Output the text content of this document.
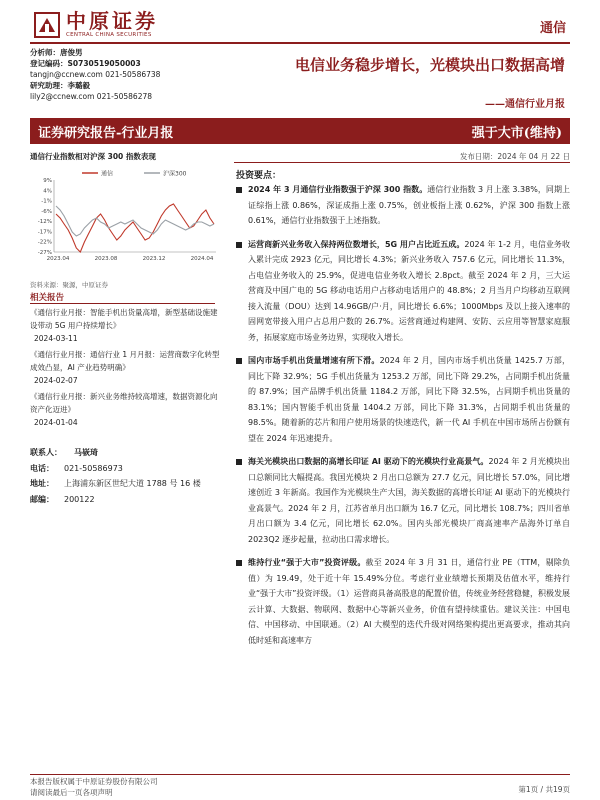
中原证券
CENTRAL CHINA SECURITIES	通信
分析师：唐俊男
登记编码：S0730519050003
tangjn@ccnew.com 021-50586738
研究助理：李璐毅
lily2@ccnew.com 021-50586278
电信业务稳步增长，光模块出口数据高增
——通信行业月报
证券研究报告-行业月报	强于大市(维持)
通信行业指数相对沪深 300 指数表现
通信	沪深300
9%
4%
-1%
-6%
-12%
-17%
-22%
-27%
2023.04	2023.08	2023.12	2024.04
资料来源：聚源，中原证券
相关报告
《通信行业月报：智能手机出货量高增，新型基础设施建设带动 5G 用户持续增长》
2024-03-11
《通信行业月报：通信行业 1 月月报：运营商数字化转型成效凸显，AI 产业趋势明确》
2024-02-07
《通信行业月报：新兴业务维持较高增速，数据资源化向资产化迈进》
2024-01-04
联系人： 马嵚琦
电话： 021-50586973
地址： 上海浦东新区世纪大道 1788 号 16 楼
邮编： 200122
发布日期：2024 年 04 月 22 日
投资要点：
2024 年 3 月通信行业指数强于沪深 300 指数。通信行业指数 3 月上涨 3.38%，同期上证综指上涨 0.86%，深证成指上涨 0.75%，创业板指上涨 0.62%，沪深 300 指数上涨 0.61%，通信行业指数强于上述指数。
运营商新兴业务收入保持两位数增长，5G 用户占比近五成。2024 年 1-2 月，电信业务收入累计完成 2923 亿元，同比增长 4.3%；新兴业务收入 757.6 亿元，同比增长 11.3%，占电信业务收入的 25.9%，促进电信业务收入增长 2.8pct。截至 2024 年 2 月，三大运营商及中国广电的 5G 移动电话用户占移动电话用户的 48.8%；2 月当月户均移动互联网接入流量（DOU）达到 14.96GB/户·月，同比增长 6.6%；1000Mbps 及以上接入速率的固网宽带接入用户占总用户数的 26.7%。运营商通过构建网、安防、云应用等智慧家庭服务，拓展家庭市场业务边界，实现收入增长。
国内市场手机出货量增速有所下滑。2024 年 2 月，国内市场手机出货量 1425.7 万部，同比下降 32.9%；5G 手机出货量为 1253.2 万部，同比下降 29.2%，占同期手机出货量的 87.9%；国产品牌手机出货量 1184.2 万部，同比下降 32.5%，占同期手机出货量的 83.1%；国内智能手机出货量 1404.2 万部，同比下降 31.3%，占同期手机出货量的 98.5%。随着新的芯片和用户使用场景的快速迭代，新一代 AI 手机在中国市场所占份额有望在 2024 年迅速提升。
海关光模块出口数据的高增长印证 AI 驱动下的光模块行业高景气。2024 年 2 月光模块出口总额同比大幅提高。我国光模块 2 月出口总额为 27.7 亿元，同比增长 57.0%，同比增速创近 3 年新高。我国作为光模块生产大国，海关数据的高增长印证 AI 驱动下的光模块行业高景气。2024 年 2 月，江苏省单月出口额为 16.7 亿元，同比增长 108.7%；四川省单月出口额为 3.4 亿元，同比增长 62.0%。国内头部光模块厂商高速率产品海外订单自 2023Q2 逐步起量，拉动出口需求增长。
维持行业“强于大市”投资评级。截至 2024 年 3 月 31 日，通信行业 PE（TTM，剔除负值）为 19.49，处于近十年 15.49%分位。考虑行业业绩增长预期及估值水平，维持行业“强于大市”投资评级。（1）运营商具备高股息的配置价值，传统业务经营稳健，积极发展云计算、大数据、物联网、数据中心等新兴业务，价值有望持续重估。建议关注：中国电信、中国移动、中国联通。（2）AI 大模型的迭代升级对网络架构提出更高要求，推动其向低时延和高速率方
本报告版权属于中原证券股份有限公司
请阅读最后一页各项声明	第1页 / 共19页
